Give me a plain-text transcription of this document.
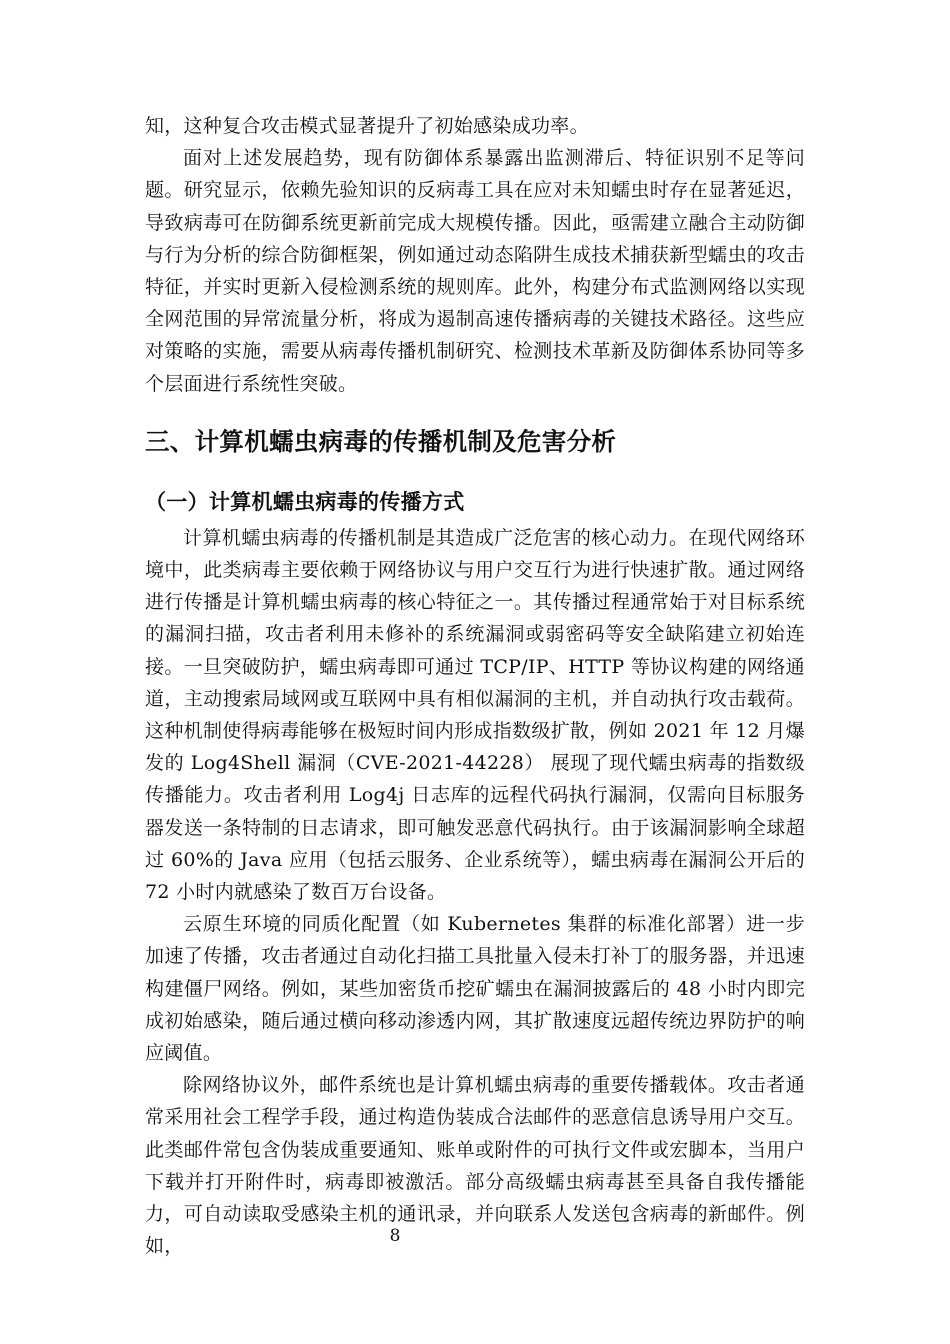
知，这种复合攻击模式显著提升了初始感染成功率。

面对上述发展趋势，现有防御体系暴露出监测滞后、特征识别不足等问题。研究显示，依赖先验知识的反病毒工具在应对未知蠕虫时存在显著延迟，导致病毒可在防御系统更新前完成大规模传播。因此，亟需建立融合主动防御与行为分析的综合防御框架，例如通过动态陷阱生成技术捕获新型蠕虫的攻击特征，并实时更新入侵检测系统的规则库。此外，构建分布式监测网络以实现全网范围的异常流量分析，将成为遏制高速传播病毒的关键技术路径。这些应对策略的实施，需要从病毒传播机制研究、检测技术革新及防御体系协同等多个层面进行系统性突破。

三、计算机蠕虫病毒的传播机制及危害分析
（一）计算机蠕虫病毒的传播方式

计算机蠕虫病毒的传播机制是其造成广泛危害的核心动力。在现代网络环境中，此类病毒主要依赖于网络协议与用户交互行为进行快速扩散。通过网络进行传播是计算机蠕虫病毒的核心特征之一。其传播过程通常始于对目标系统的漏洞扫描，攻击者利用未修补的系统漏洞或弱密码等安全缺陷建立初始连接。一旦突破防护，蠕虫病毒即可通过 TCP/IP、HTTP 等协议构建的网络通道，主动搜索局域网或互联网中具有相似漏洞的主机，并自动执行攻击载荷。这种机制使得病毒能够在极短时间内形成指数级扩散，例如 2021 年 12 月爆发的 Log4Shell 漏洞（CVE-2021-44228） 展现了现代蠕虫病毒的指数级传播能力。攻击者利用 Log4j 日志库的远程代码执行漏洞，仅需向目标服务器发送一条特制的日志请求，即可触发恶意代码执行。由于该漏洞影响全球超过 60%的 Java 应用（包括云服务、企业系统等），蠕虫病毒在漏洞公开后的 72 小时内就感染了数百万台设备。

云原生环境的同质化配置（如 Kubernetes 集群的标准化部署）进一步加速了传播，攻击者通过自动化扫描工具批量入侵未打补丁的服务器，并迅速构建僵尸网络。例如，某些加密货币挖矿蠕虫在漏洞披露后的 48 小时内即完成初始感染，随后通过横向移动渗透内网，其扩散速度远超传统边界防护的响应阈值。

除网络协议外，邮件系统也是计算机蠕虫病毒的重要传播载体。攻击者通常采用社会工程学手段，通过构造伪装成合法邮件的恶意信息诱导用户交互。此类邮件常包含伪装成重要通知、账单或附件的可执行文件或宏脚本，当用户下载并打开附件时，病毒即被激活。部分高级蠕虫病毒甚至具备自我传播能力，可自动读取受感染主机的通讯录，并向联系人发送包含病毒的新邮件。例如，	8
